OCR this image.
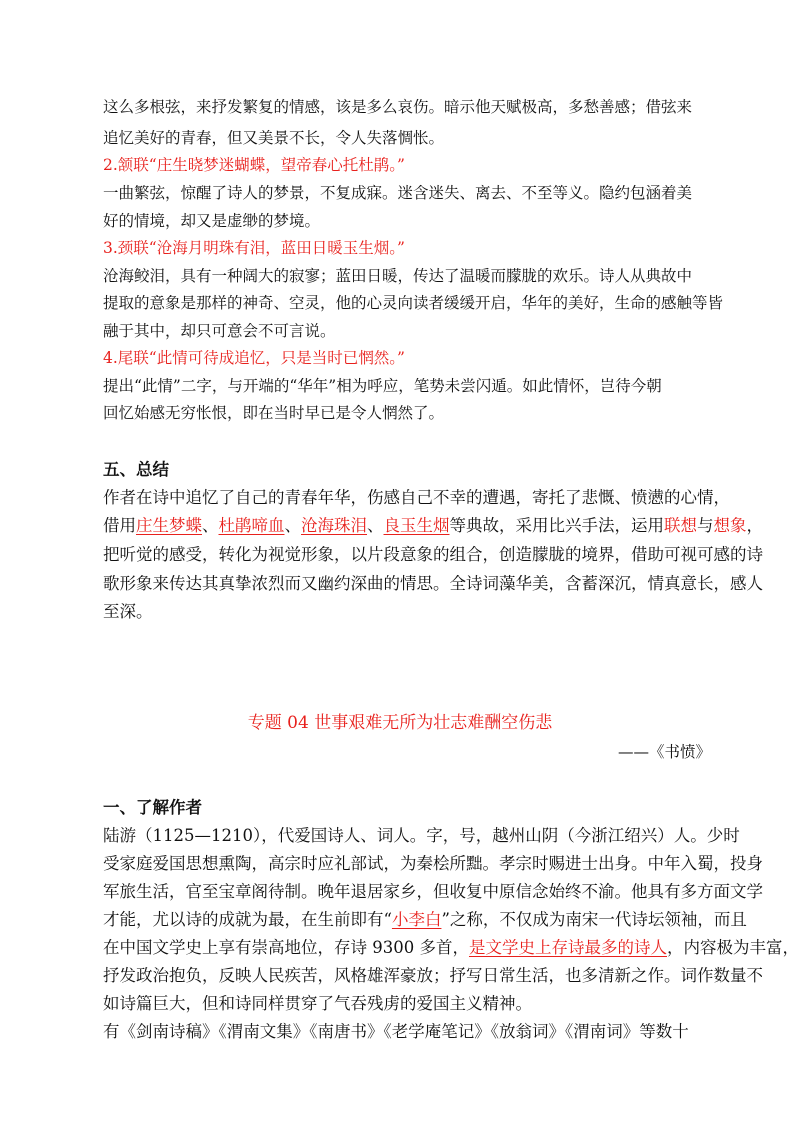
这么多根弦，来抒发繁复的情感，该是多么哀伤。暗示他天赋极高，多愁善感；借弦来
追忆美好的青春，但又美景不长，令人失落惆怅。
2.颔联“庄生晓梦迷蝴蝶，望帝春心托杜鹃。”
一曲繁弦，惊醒了诗人的梦景，不复成寐。迷含迷失、离去、不至等义。隐约包涵着美
好的情境，却又是虚缈的梦境。
3.颈联“沧海月明珠有泪，蓝田日暖玉生烟。”
沧海鲛泪，具有一种阔大的寂寥；蓝田日暖，传达了温暖而朦胧的欢乐。诗人从典故中
提取的意象是那样的神奇、空灵，他的心灵向读者缓缓开启，华年的美好，生命的感触等皆
融于其中，却只可意会不可言说。
4.尾联“此情可待成追忆，只是当时已惘然。”
提出“此情”二字，与开端的“华年”相为呼应，笔势未尝闪遁。如此情怀，岂待今朝
回忆始感无穷怅恨，即在当时早已是令人惘然了。
五、总结
作者在诗中追忆了自己的青春年华，伤感自己不幸的遭遇，寄托了悲慨、愤懑的心情，
借用庄生梦蝶、杜鹃啼血、沧海珠泪、良玉生烟等典故，采用比兴手法，运用联想与想象，
把听觉的感受，转化为视觉形象，以片段意象的组合，创造朦胧的境界，借助可视可感的诗
歌形象来传达其真挚浓烈而又幽约深曲的情思。全诗词藻华美，含蓄深沉，情真意长，感人
至深。
专题 04 世事艰难无所为壮志难酬空伤悲
——《书愤》
一、了解作者
陆游（1125—1210），代爱国诗人、词人。字，号，越州山阴（今浙江绍兴）人。少时
受家庭爱国思想熏陶，高宗时应礼部试，为秦桧所黜。孝宗时赐进士出身。中年入蜀，投身
军旅生活，官至宝章阁待制。晚年退居家乡，但收复中原信念始终不渝。他具有多方面文学
才能，尤以诗的成就为最，在生前即有“小李白”之称，不仅成为南宋一代诗坛领袖，而且
在中国文学史上享有崇高地位，存诗 9300 多首，是文学史上存诗最多的诗人，内容极为丰富，
抒发政治抱负，反映人民疾苦，风格雄浑豪放；抒写日常生活，也多清新之作。词作数量不
如诗篇巨大，但和诗同样贯穿了气吞残虏的爱国主义精神。
有《剑南诗稿》《渭南文集》《南唐书》《老学庵笔记》《放翁词》《渭南词》等数十
